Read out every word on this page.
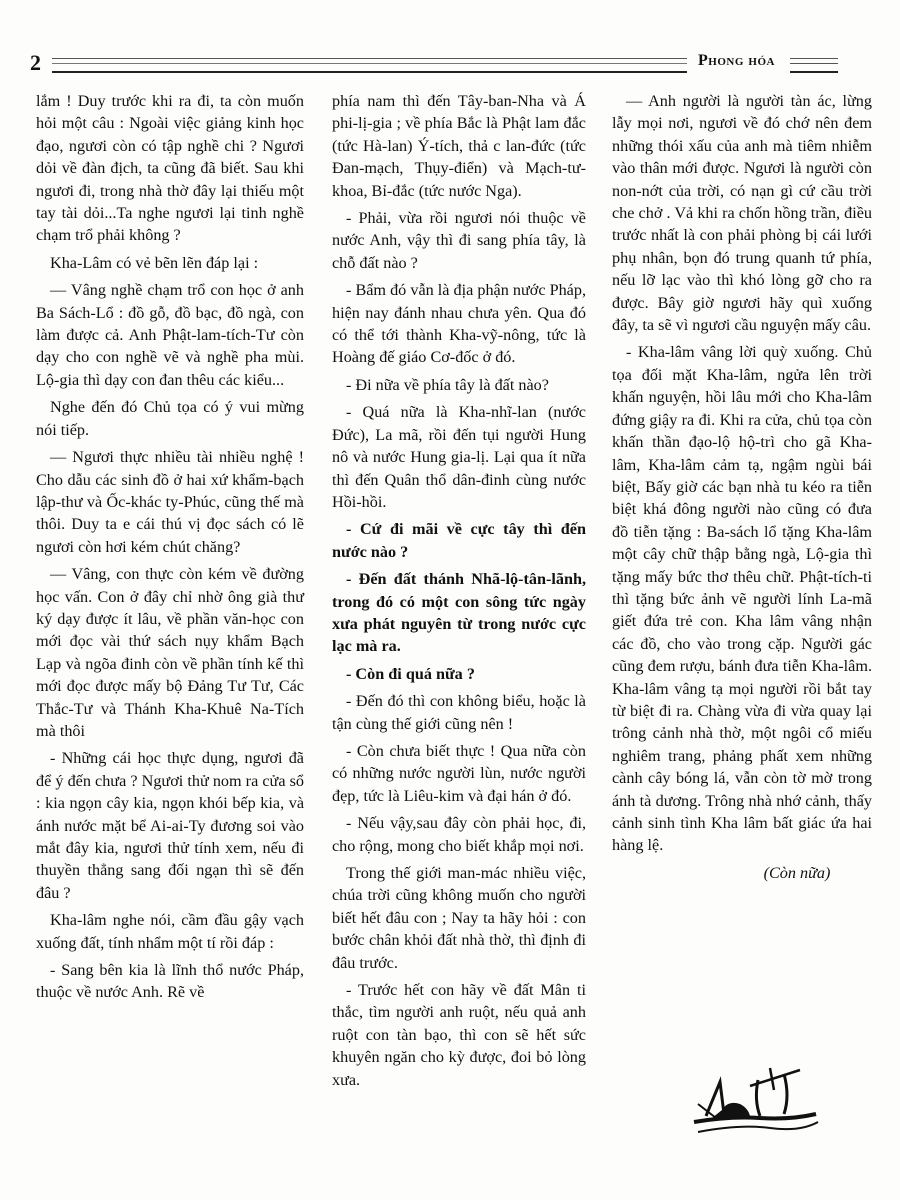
2	Phong hóa

lắm ! Duy trước khi ra đi, ta còn muốn hỏi một câu : Ngoài việc giảng kinh học đạo, ngươi còn có tập nghề chi ? Ngươi dỏi về đàn địch, ta cũng đã biết. Sau khi ngươi đi, trong nhà thờ đây lại thiếu một tay tài dỏi...Ta nghe ngươi lại tinh nghề chạm trổ phải không ?

Kha-Lâm có vẻ bẽn lẽn đáp lại :

— Vâng nghề chạm trổ con học ở anh Ba Sách-Lổ : đồ gỗ, đồ bạc, đồ ngà, con làm được cả. Anh Phật-lam-tích-Tư còn dạy cho con nghề vẽ và nghề pha mùi. Lộ-gia thì dạy con đan thêu các kiểu...

Nghe đến đó Chủ tọa có ý vui mừng nói tiếp.

— Ngươi thực nhiều tài nhiều nghệ ! Cho dẫu các sinh đồ ở hai xứ khẩm-bạch lập-thư và Ốc-khác ty-Phúc, cũng thế mà thôi. Duy ta e cái thú vị đọc sách có lẽ ngươi còn hơi kém chút chăng?

— Vâng, con thực còn kém về đường học vấn. Con ở đây chỉ nhờ ông già thư ký dạy được ít lâu, về phần văn-học con mới đọc vài thứ sách nụy khẩm Bạch Lạp và ngõa đinh còn về phần tính kế thì mới đọc được mấy bộ Đảng Tư Tư, Các Thắc-Tư và Thánh Kha-Khuê Na-Tích mà thôi

- Những cái học thực dụng, ngươi đã để ý đến chưa ? Ngươi thử nom ra cửa sổ : kia ngọn cây kia, ngọn khói bếp kia, và ánh nước mặt bể Ai-ai-Ty đương soi vào mắt đây kia, ngươi thử tính xem, nếu đi thuyền thẳng sang đối ngạn thì sẽ đến đâu ?

Kha-lâm nghe nói, cầm đầu gậy vạch xuống đất, tính nhẩm một tí rồi đáp :

- Sang bên kia là lĩnh thổ nước Pháp, thuộc về nước Anh. Rẽ về

phía nam thì đến Tây-ban-Nha và Á phi-lị-gia ; về phía Bắc là Phật lam đắc (tức Hà-lan) Ý-tích, thả c lan-đức (tức Đan-mạch, Thụy-điển) và Mạch-tư-khoa, Bỉ-đắc (tức nước Nga).

- Phải, vừa rồi ngươi nói thuộc về nước Anh, vậy thì đi sang phía tây, là chỗ đất nào ?

- Bẩm đó vẫn là địa phận nước Pháp, hiện nay đánh nhau chưa yên. Qua đó có thể tới thành Kha-vỹ-nông, tức là Hoàng đế giáo Cơ-đốc ở đó.

- Đi nữa về phía tây là đất nào?

- Quá nữa là Kha-nhĩ-lan (nước Đức), La mã, rồi đến tụi người Hung nô và nước Hung gia-lị. Lại qua ít nữa thì đến Quân thổ dân-đinh cùng nước Hồi-hồi.

- Cứ đi mãi về cực tây thì đến nước nào ?

- Đến đất thánh Nhã-lộ-tân-lãnh, trong đó có một con sông tức ngày xưa phát nguyên từ trong nước cực lạc mà ra.

- Còn đi quá nữa ?

- Đến đó thì con không biểu, hoặc là tận cùng thế giới cũng nên !

- Còn chưa biết thực ! Qua nữa còn có những nước người lùn, nước người đẹp, tức là Liêu-kim và đại hán ở đó.

- Nếu vậy,sau đây còn phải học, đi, cho rộng, mong cho biết khắp mọi nơi.

Trong thế giới man-mác nhiều việc, chúa trời cũng không muốn cho người biết hết đâu con ; Nay ta hãy hỏi : con bước chân khỏi đất nhà thờ, thì định đi đâu trước.

- Trước hết con hãy về đất Mân ti thắc, tìm người anh ruột, nếu quả anh ruột con tàn bạo, thì con sẽ hết sức khuyên ngăn cho kỳ được, đoi bỏ lòng xưa.

— Anh người là người tàn ác, lừng lẫy mọi nơi, ngươi về đó chớ nên đem những thói xấu của anh mà tiêm nhiễm vào thân mới được. Ngươi là người còn non-nớt của trời, có nạn gì cứ cầu trời che chở . Vả khi ra chốn hồng trần, điều trước nhất là con phải phòng bị cái lưới phụ nhân, bọn đó trung quanh tứ phía, nếu lỡ lạc vào thì khó lòng gỡ cho ra được. Bây giờ ngươi hãy quì xuống đây, ta sẽ vì ngươi cầu nguyện mấy câu.

- Kha-lâm vâng lời quỳ xuống. Chủ tọa đối mặt Kha-lâm, ngửa lên trời khấn nguyện, hồi lâu mới cho Kha-lâm đứng giậy ra đi. Khi ra cửa, chủ tọa còn khấn thần đạo-lộ hộ-trì cho gã Kha-lâm, Kha-lâm cảm tạ, ngậm ngùi bái biệt, Bấy giờ các bạn nhà tu kéo ra tiễn biệt khá đông người nào cũng có đưa đồ tiễn tặng : Ba-sách lổ tặng Kha-lâm một cây chữ thập bằng ngà, Lộ-gia thì tặng mấy bức thơ thêu chữ. Phật-tích-ti thì tặng bức ảnh vẽ người lính La-mã giết đứa trẻ con. Kha lâm vâng nhận các đồ, cho vào trong cặp. Người gác cũng đem rượu, bánh đưa tiễn Kha-lâm. Kha-lâm vâng tạ mọi người rồi bắt tay từ biệt đi ra. Chàng vừa đi vừa quay lại trông cảnh nhà thờ, một ngôi cổ miếu nghiêm trang, phảng phất xem những cành cây bóng lá, vẫn còn tờ mờ trong ánh tà dương. Trông nhà nhớ cảnh, thấy cảnh sinh tình Kha lâm bất giác ứa hai hàng lệ.

(Còn nữa)
